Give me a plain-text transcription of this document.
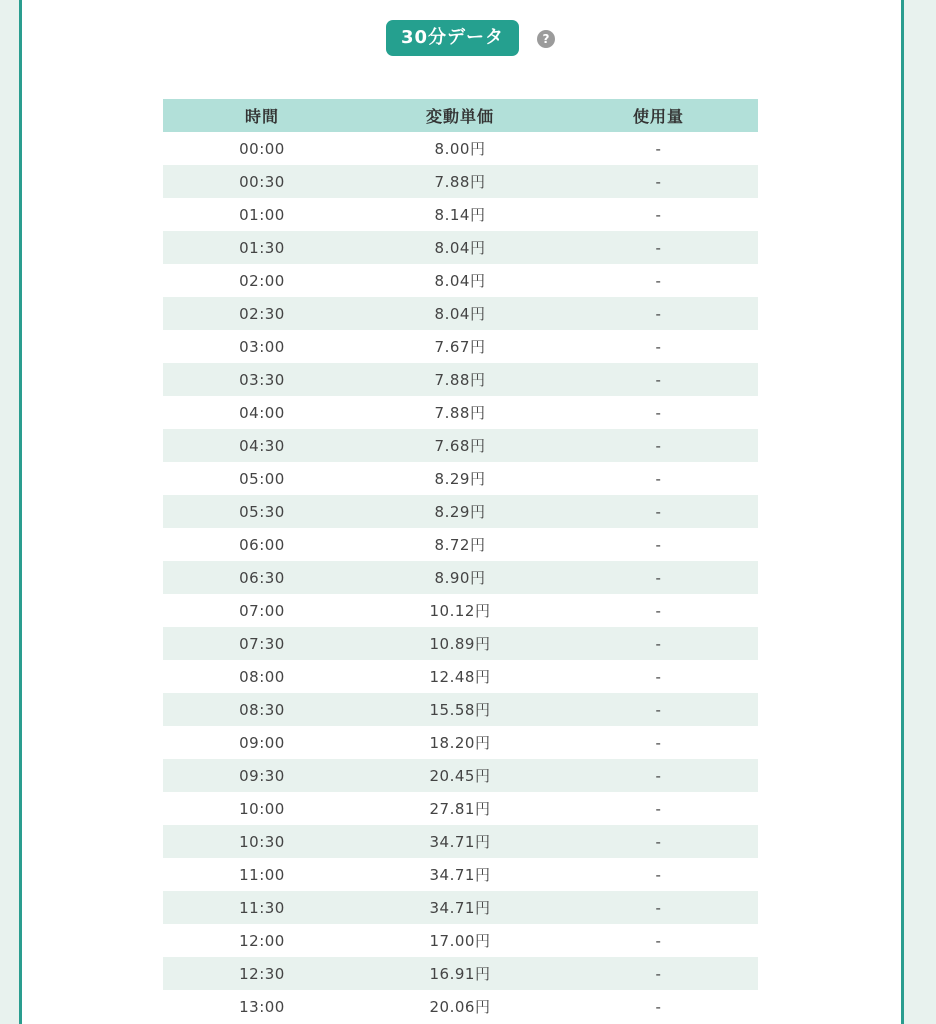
30分データ	?
時間	変動単価	使用量
00:00	8.00円	-
00:30	7.88円	-
01:00	8.14円	-
01:30	8.04円	-
02:00	8.04円	-
02:30	8.04円	-
03:00	7.67円	-
03:30	7.88円	-
04:00	7.88円	-
04:30	7.68円	-
05:00	8.29円	-
05:30	8.29円	-
06:00	8.72円	-
06:30	8.90円	-
07:00	10.12円	-
07:30	10.89円	-
08:00	12.48円	-
08:30	15.58円	-
09:00	18.20円	-
09:30	20.45円	-
10:00	27.81円	-
10:30	34.71円	-
11:00	34.71円	-
11:30	34.71円	-
12:00	17.00円	-
12:30	16.91円	-
13:00	20.06円	-
